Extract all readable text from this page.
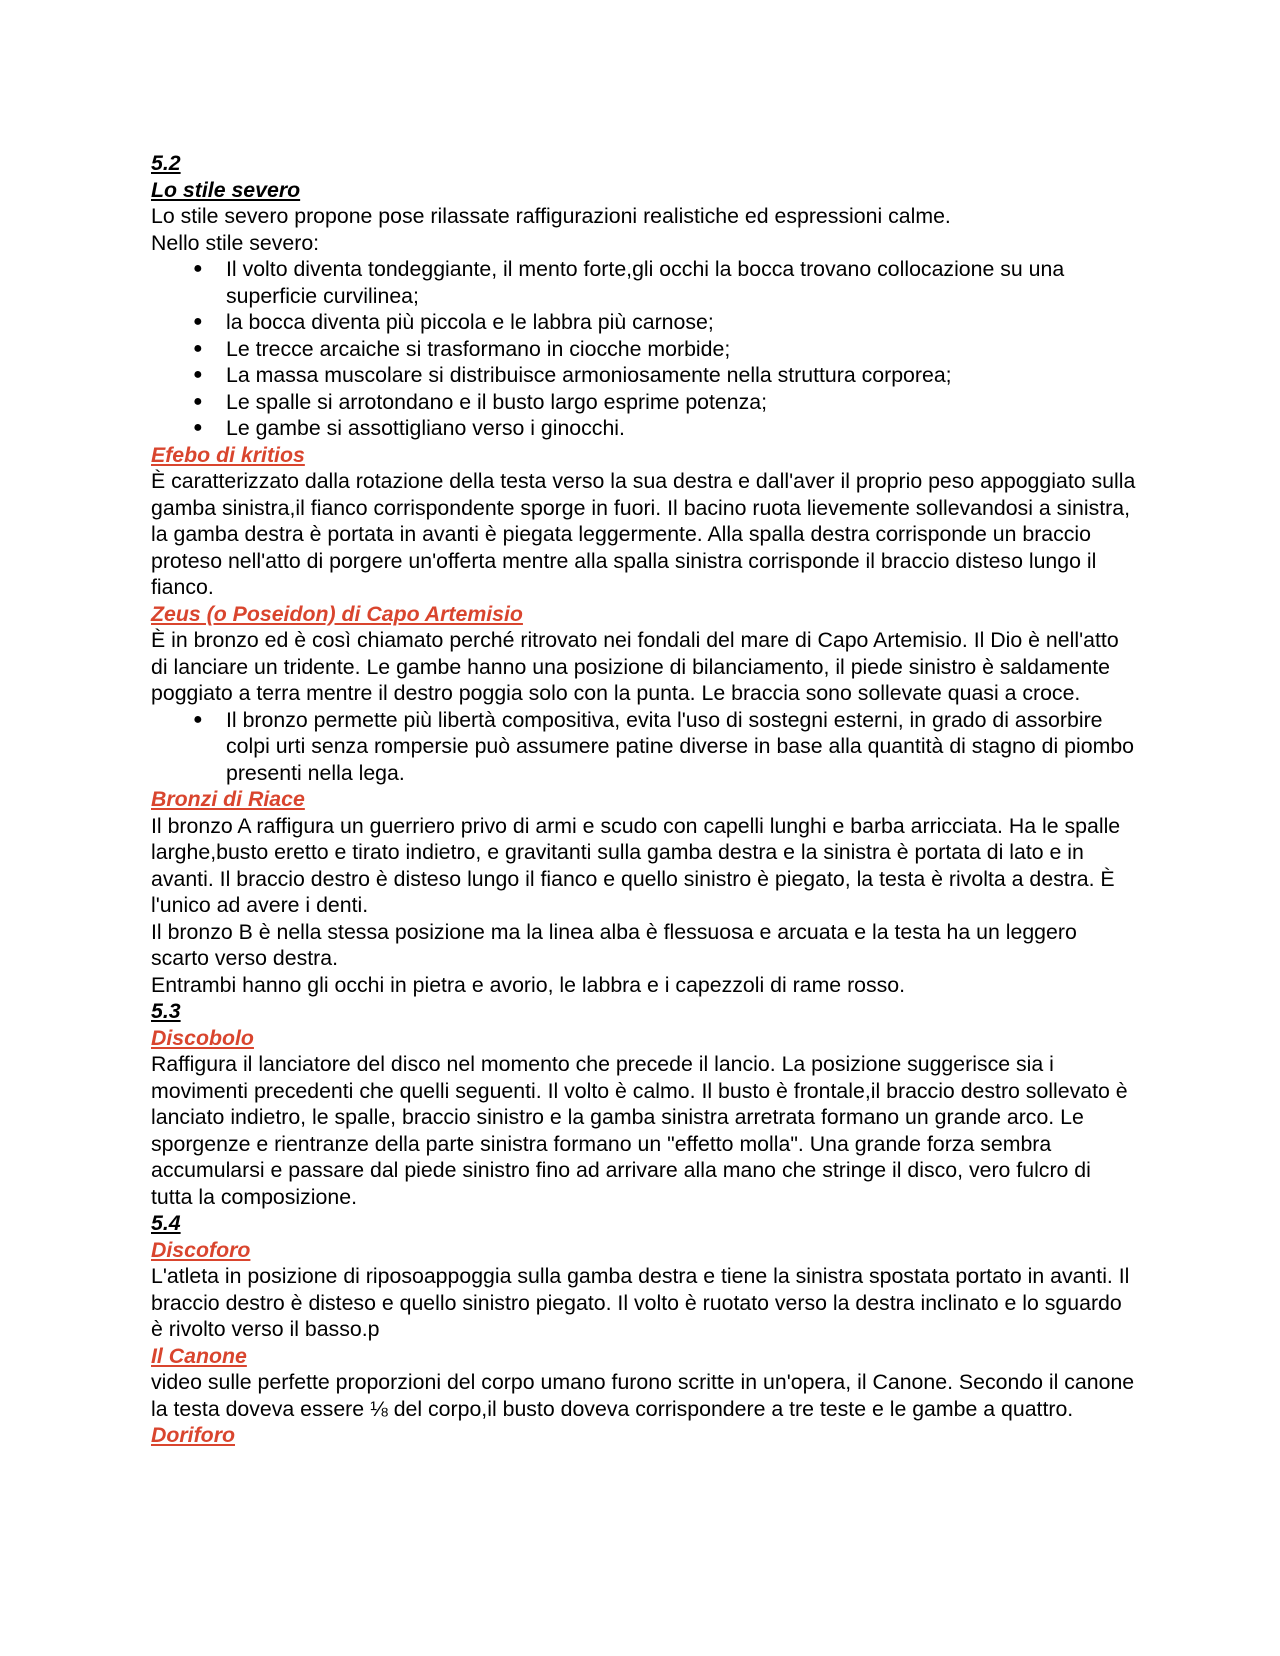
5.2
Lo stile severo
Lo stile severo propone pose rilassate raffigurazioni realistiche ed espressioni calme.
Nello stile severo:
● Il volto diventa tondeggiante, il mento forte,gli occhi la bocca trovano collocazione su una superficie curvilinea;
● la bocca diventa più piccola e le labbra più carnose;
● Le trecce arcaiche si trasformano in ciocche morbide;
● La massa muscolare si distribuisce armoniosamente nella struttura corporea;
● Le spalle si arrotondano e il busto largo esprime potenza;
● Le gambe si assottigliano verso i ginocchi.
Efebo di kritios
È caratterizzato dalla rotazione della testa verso la sua destra e dall'aver il proprio peso appoggiato sulla gamba sinistra,il fianco corrispondente sporge in fuori. Il bacino ruota lievemente sollevandosi a sinistra, la gamba destra è portata in avanti è piegata leggermente. Alla spalla destra corrisponde un braccio proteso nell'atto di porgere un'offerta mentre alla spalla sinistra corrisponde il braccio disteso lungo il fianco.
Zeus (o Poseidon) di Capo Artemisio
È in bronzo ed è così chiamato perché ritrovato nei fondali del mare di Capo Artemisio. Il Dio è nell'atto di lanciare un tridente. Le gambe hanno una posizione di bilanciamento, il piede sinistro è saldamente poggiato a terra mentre il destro poggia solo con la punta. Le braccia sono sollevate quasi a croce.
● Il bronzo permette più libertà compositiva, evita l'uso di sostegni esterni, in grado di assorbire colpi urti senza rompersie può assumere patine diverse in base alla quantità di stagno di piombo presenti nella lega.
Bronzi di Riace
Il bronzo A raffigura un guerriero privo di armi e scudo con capelli lunghi e barba arricciata. Ha le spalle larghe,busto eretto e tirato indietro, e gravitanti sulla gamba destra e la sinistra è portata di lato e in avanti. Il braccio destro è disteso lungo il fianco e quello sinistro è piegato, la testa è rivolta a destra. È l'unico ad avere i denti.
Il bronzo B è nella stessa posizione ma la linea alba è flessuosa e arcuata e la testa ha un leggero scarto verso destra.
Entrambi hanno gli occhi in pietra e avorio, le labbra e i capezzoli di rame rosso.
5.3
Discobolo
Raffigura il lanciatore del disco nel momento che precede il lancio. La posizione suggerisce sia i movimenti precedenti che quelli seguenti. Il volto è calmo. Il busto è frontale,il braccio destro sollevato è lanciato indietro, le spalle, braccio sinistro e la gamba sinistra arretrata formano un grande arco. Le sporgenze e rientranze della parte sinistra formano un "effetto molla". Una grande forza sembra accumularsi e passare dal piede sinistro fino ad arrivare alla mano che stringe il disco, vero fulcro di tutta la composizione.
5.4
Discoforo
L'atleta in posizione di riposoappoggia sulla gamba destra e tiene la sinistra spostata portato in avanti. Il braccio destro è disteso e quello sinistro piegato. Il volto è ruotato verso la destra inclinato e lo sguardo è rivolto verso il basso.p
Il Canone
video sulle perfette proporzioni del corpo umano furono scritte in un'opera, il Canone. Secondo il canone la testa doveva essere ⅛ del corpo,il busto doveva corrispondere a tre teste e le gambe a quattro.
Doriforo
